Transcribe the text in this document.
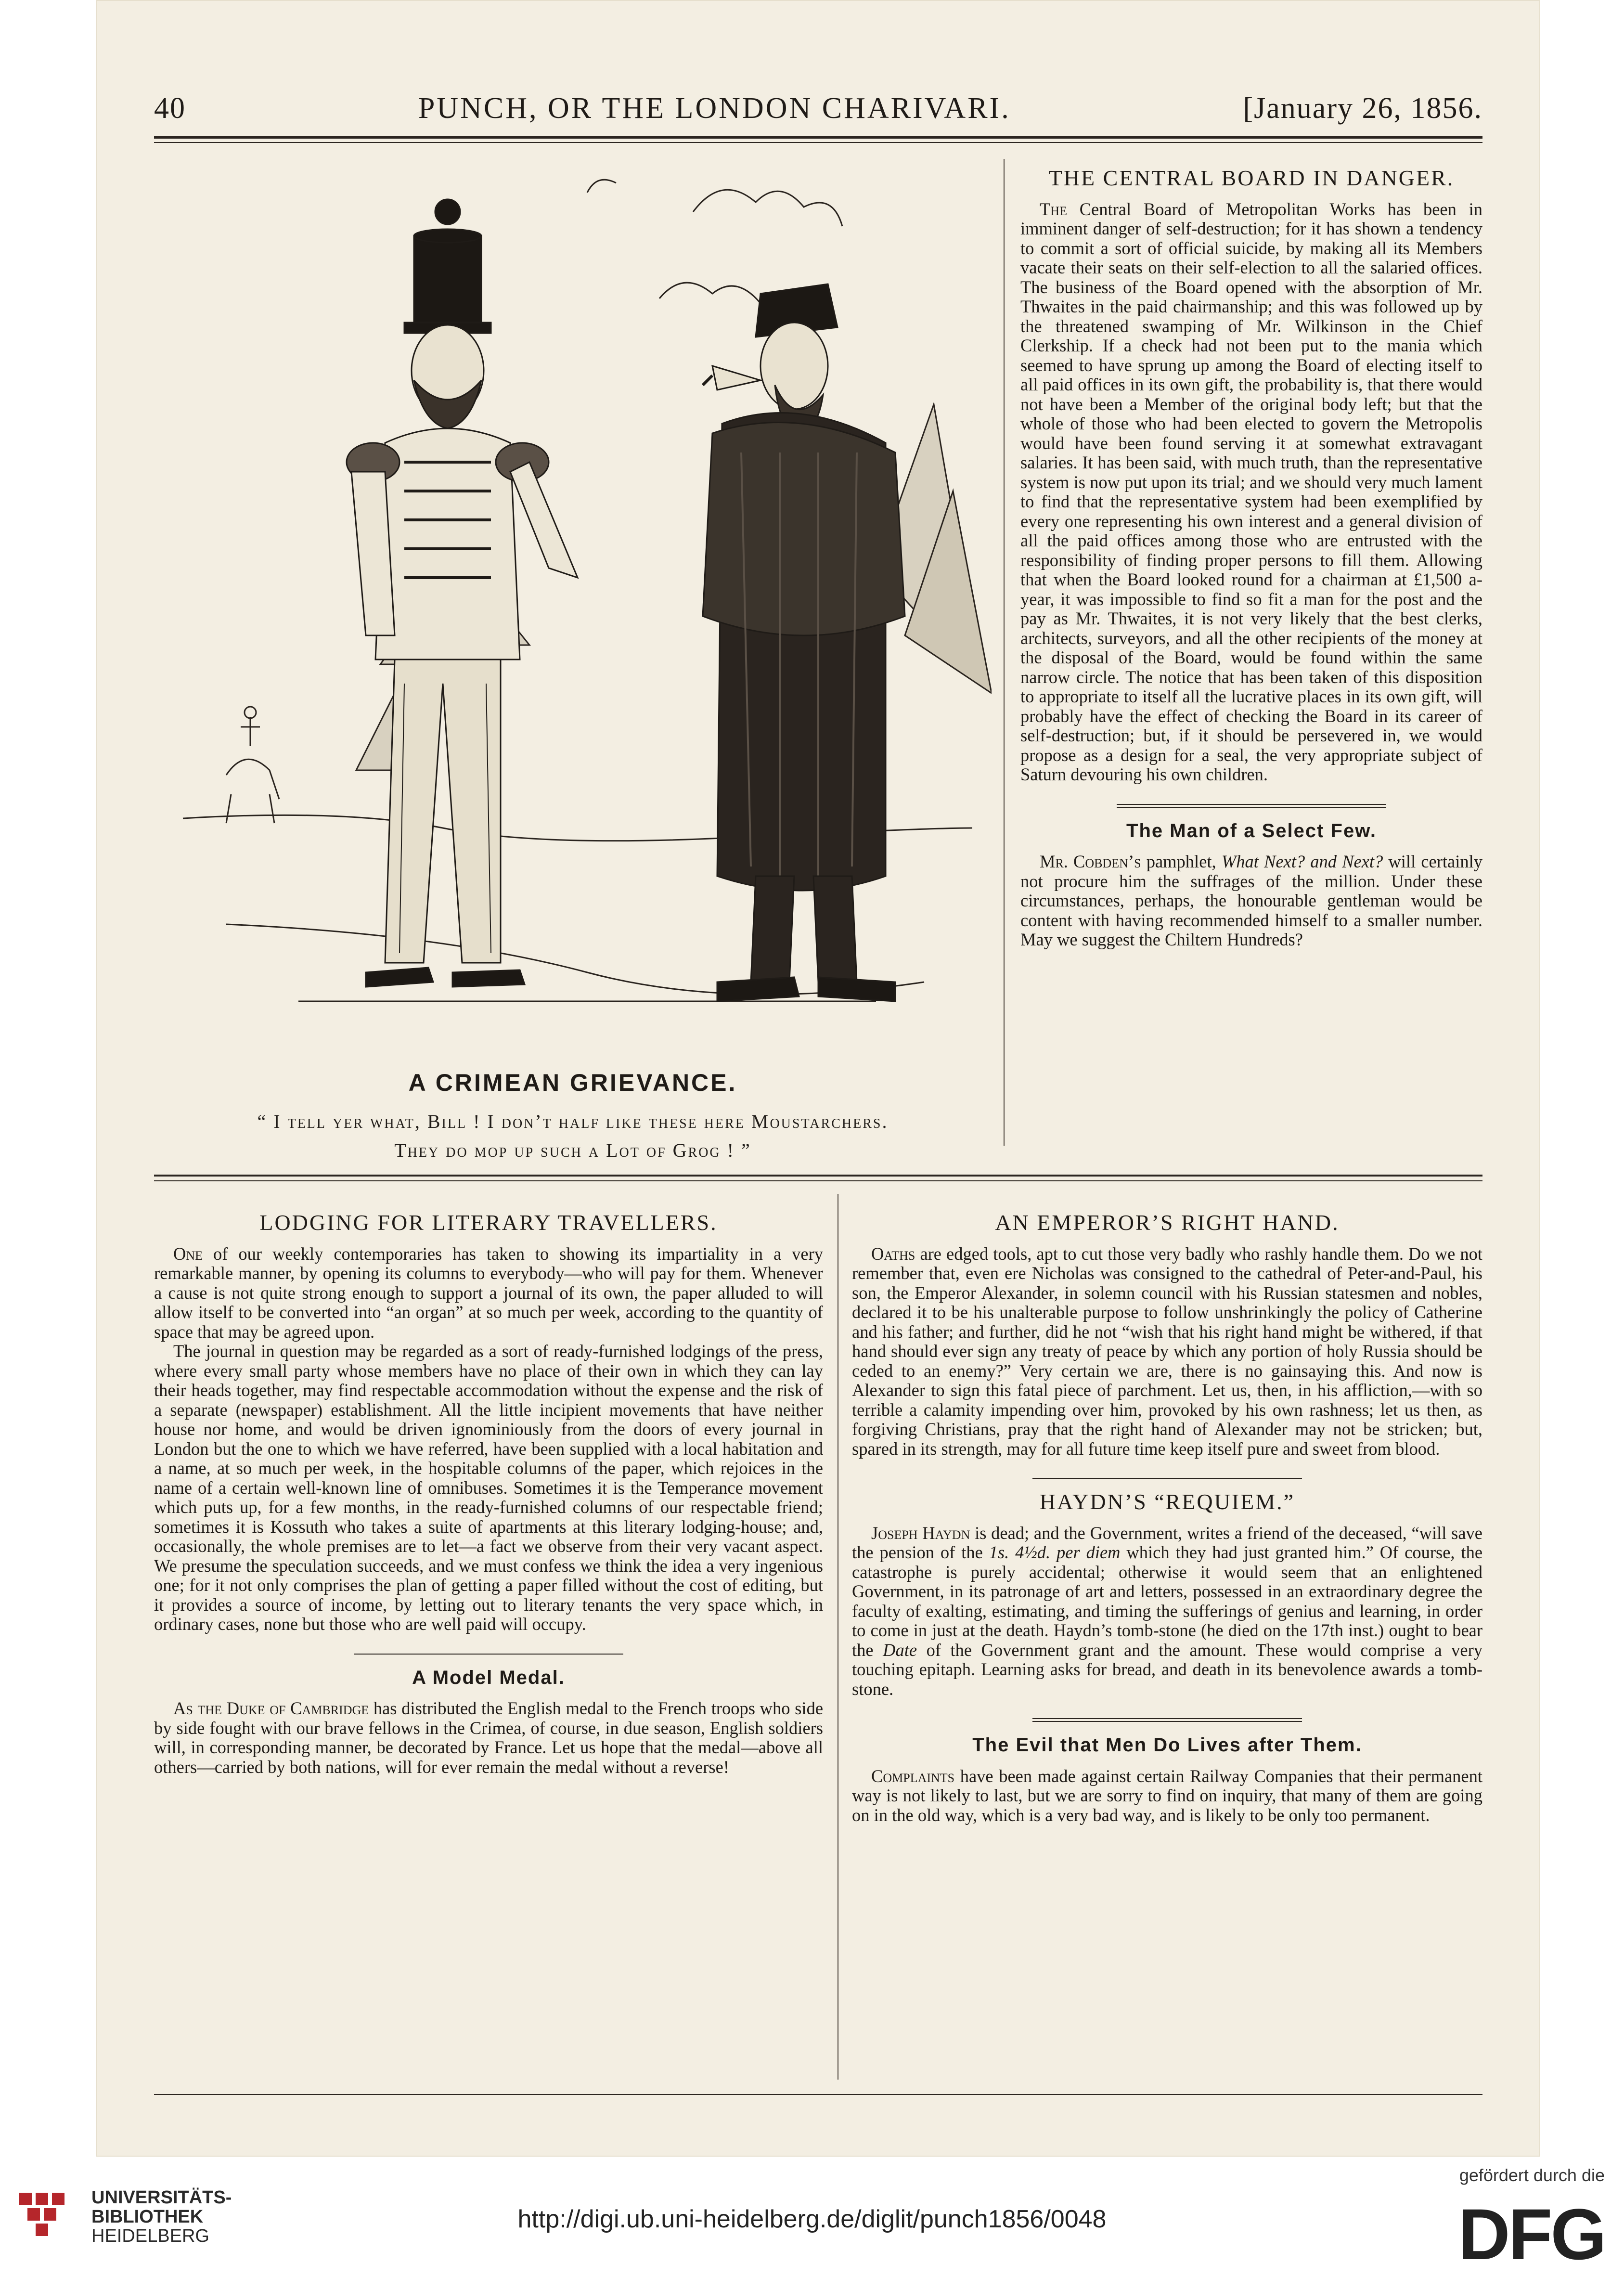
40	PUNCH, OR THE LONDON CHARIVARI.	[January 26, 1856.
A CRIMEAN GRIEVANCE.
“ I tell yer what, Bill ! I don’t half like these here Moustarchers.
They do mop up such a Lot of Grog ! ”
THE CENTRAL BOARD IN DANGER.

The Central Board of Metropolitan Works has been in imminent danger of self-destruction; for it has shown a tendency to commit a sort of official suicide, by making all its Members vacate their seats on their self-election to all the salaried offices. The business of the Board opened with the absorption of Mr. Thwaites in the paid chairmanship; and this was followed up by the threatened swamping of Mr. Wilkinson in the Chief Clerkship. If a check had not been put to the mania which seemed to have sprung up among the Board of electing itself to all paid offices in its own gift, the probability is, that there would not have been a Member of the original body left; but that the whole of those who had been elected to govern the Metropolis would have been found serving it at somewhat extravagant salaries. It has been said, with much truth, than the representative system is now put upon its trial; and we should very much lament to find that the representative system had been exemplified by every one representing his own interest and a general division of all the paid offices among those who are entrusted with the responsibility of finding proper persons to fill them. Allowing that when the Board looked round for a chairman at £1,500 a-year, it was impossible to find so fit a man for the post and the pay as Mr. Thwaites, it is not very likely that the best clerks, architects, surveyors, and all the other recipients of the money at the disposal of the Board, would be found within the same narrow circle. The notice that has been taken of this disposition to appropriate to itself all the lucrative places in its own gift, will probably have the effect of checking the Board in its career of self-destruction; but, if it should be persevered in, we would propose as a design for a seal, the very appropriate subject of Saturn devouring his own children.

The Man of a Select Few.

Mr. Cobden’s pamphlet, What Next? and Next? will certainly not procure him the suffrages of the million. Under these circumstances, perhaps, the honourable gentleman would be content with having recommended himself to a smaller number. May we suggest the Chiltern Hundreds?

LODGING FOR LITERARY TRAVELLERS.

One of our weekly contemporaries has taken to showing its impartiality in a very remarkable manner, by opening its columns to everybody—who will pay for them. Whenever a cause is not quite strong enough to support a journal of its own, the paper alluded to will allow itself to be converted into “an organ” at so much per week, according to the quantity of space that may be agreed upon.

The journal in question may be regarded as a sort of ready-furnished lodgings of the press, where every small party whose members have no place of their own in which they can lay their heads together, may find respectable accommodation without the expense and the risk of a separate (newspaper) establishment. All the little incipient movements that have neither house nor home, and would be driven ignominiously from the doors of every journal in London but the one to which we have referred, have been supplied with a local habitation and a name, at so much per week, in the hospitable columns of the paper, which rejoices in the name of a certain well-known line of omnibuses. Sometimes it is the Temperance movement which puts up, for a few months, in the ready-furnished columns of our respectable friend; sometimes it is Kossuth who takes a suite of apartments at this literary lodging-house; and, occasionally, the whole premises are to let—a fact we observe from their very vacant aspect. We presume the speculation succeeds, and we must confess we think the idea a very ingenious one; for it not only comprises the plan of getting a paper filled without the cost of editing, but it provides a source of income, by letting out to literary tenants the very space which, in ordinary cases, none but those who are well paid will occupy.

A Model Medal.

As the Duke of Cambridge has distributed the English medal to the French troops who side by side fought with our brave fellows in the Crimea, of course, in due season, English soldiers will, in corresponding manner, be decorated by France. Let us hope that the medal—above all others—carried by both nations, will for ever remain the medal without a reverse!

AN EMPEROR’S RIGHT HAND.

Oaths are edged tools, apt to cut those very badly who rashly handle them. Do we not remember that, even ere Nicholas was consigned to the cathedral of Peter-and-Paul, his son, the Emperor Alexander, in solemn council with his Russian statesmen and nobles, declared it to be his unalterable purpose to follow unshrinkingly the policy of Catherine and his father; and further, did he not “wish that his right hand might be withered, if that hand should ever sign any treaty of peace by which any portion of holy Russia should be ceded to an enemy?” Very certain we are, there is no gainsaying this. And now is Alexander to sign this fatal piece of parchment. Let us, then, in his affliction,—with so terrible a calamity impending over him, provoked by his own rashness; let us then, as forgiving Christians, pray that the right hand of Alexander may not be stricken; but, spared in its strength, may for all future time keep itself pure and sweet from blood.

HAYDN’S “REQUIEM.”

Joseph Haydn is dead; and the Government, writes a friend of the deceased, “will save the pension of the 1s. 4½d. per diem which they had just granted him.” Of course, the catastrophe is purely accidental; otherwise it would seem that an enlightened Government, in its patronage of art and letters, possessed in an extraordinary degree the faculty of exalting, estimating, and timing the sufferings of genius and learning, in order to come in just at the death. Haydn’s tomb-stone (he died on the 17th inst.) ought to bear the Date of the Government grant and the amount. These would comprise a very touching epitaph. Learning asks for bread, and death in its benevolence awards a tomb-stone.

The Evil that Men Do Lives after Them.

Complaints have been made against certain Railway Companies that their permanent way is not likely to last, but we are sorry to find on inquiry, that many of them are going on in the old way, which is a very bad way, and is likely to be only too permanent.

UNIVERSITÄTS-
BIBLIOTHEK
HEIDELBERG
http://digi.ub.uni-heidelberg.de/diglit/punch1856/0048
gefördert durch die
DFG
